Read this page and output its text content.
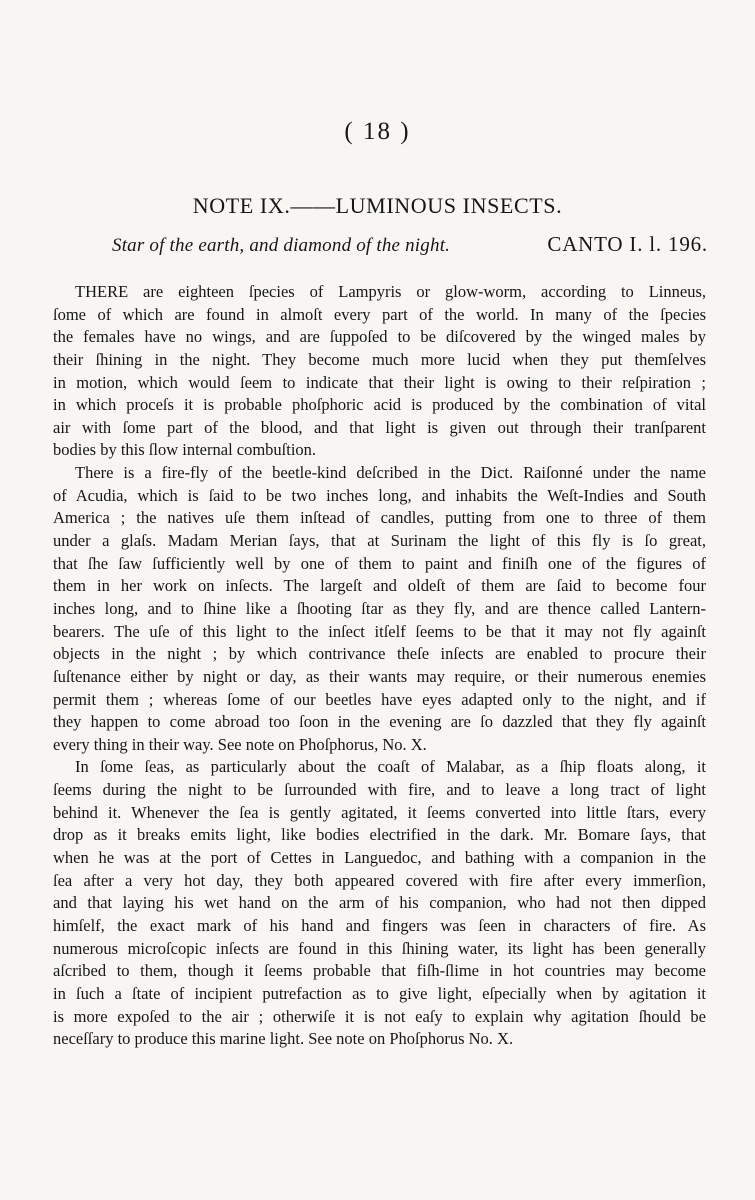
( 18 )
NOTE IX.——LUMINOUS INSECTS.
Star of the earth, and diamond of the night.	CANTO I. l. 196.
THERE are eighteen ſpecies of Lampyris or glow-worm, according to Linneus,
ſome of which are found in almoſt every part of the world. In many of the ſpecies
the females have no wings, and are ſuppoſed to be diſcovered by the winged males by
their ſhining in the night. They become much more lucid when they put themſelves
in motion, which would ſeem to indicate that their light is owing to their reſpiration ;
in which proceſs it is probable phoſphoric acid is produced by the combination of vital
air with ſome part of the blood, and that light is given out through their tranſparent
bodies by this ſlow internal combuſtion.
There is a fire-fly of the beetle-kind deſcribed in the Dict. Raiſonné under the name
of Acudia, which is ſaid to be two inches long, and inhabits the Weſt-Indies and South
America ; the natives uſe them inſtead of candles, putting from one to three of them
under a glaſs. Madam Merian ſays, that at Surinam the light of this fly is ſo great,
that ſhe ſaw ſufficiently well by one of them to paint and finiſh one of the figures of
them in her work on inſects. The largeſt and oldeſt of them are ſaid to become four
inches long, and to ſhine like a ſhooting ſtar as they fly, and are thence called Lantern-
bearers. The uſe of this light to the inſect itſelf ſeems to be that it may not fly againſt
objects in the night ; by which contrivance theſe inſects are enabled to procure their
ſuſtenance either by night or day, as their wants may require, or their numerous enemies
permit them ; whereas ſome of our beetles have eyes adapted only to the night, and if
they happen to come abroad too ſoon in the evening are ſo dazzled that they fly againſt
every thing in their way. See note on Phoſphorus, No. X.
In ſome ſeas, as particularly about the coaſt of Malabar, as a ſhip floats along, it
ſeems during the night to be ſurrounded with fire, and to leave a long tract of light
behind it. Whenever the ſea is gently agitated, it ſeems converted into little ſtars, every
drop as it breaks emits light, like bodies electrified in the dark. Mr. Bomare ſays, that
when he was at the port of Cettes in Languedoc, and bathing with a companion in the
ſea after a very hot day, they both appeared covered with fire after every immerſion,
and that laying his wet hand on the arm of his companion, who had not then dipped
himſelf, the exact mark of his hand and fingers was ſeen in characters of fire. As
numerous microſcopic inſects are found in this ſhining water, its light has been generally
aſcribed to them, though it ſeems probable that fiſh-ſlime in hot countries may become
in ſuch a ſtate of incipient putrefaction as to give light, eſpecially when by agitation it
is more expoſed to the air ; otherwiſe it is not eaſy to explain why agitation ſhould be
neceſſary to produce this marine light. See note on Phoſphorus No. X.
